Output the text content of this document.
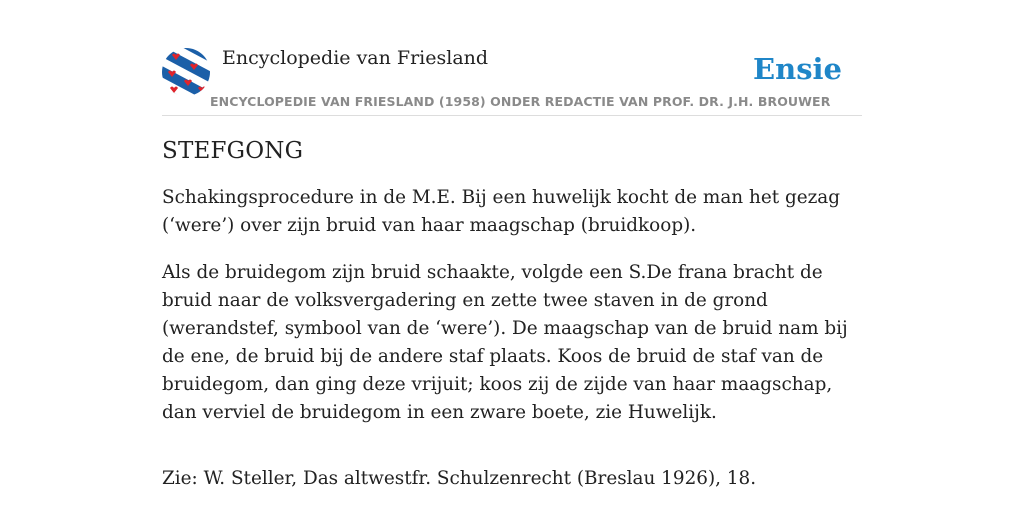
Encyclopedie van Friesland
ENCYCLOPEDIE VAN FRIESLAND (1958) ONDER REDACTIE VAN PROF. DR. J.H. BROUWER
Ensie
STEFGONG

Schakingsprocedure in de M.E. Bij een huwelijk kocht de man het gezag (‘were’) over zijn bruid van haar maagschap (bruidkoop).

Als de bruidegom zijn bruid schaakte, volgde een S.De frana bracht de bruid naar de volksvergadering en zette twee staven in de grond (werandstef, symbool van de ‘were’). De maagschap van de bruid nam bij de ene, de bruid bij de andere staf plaats. Koos de bruid de staf van de bruidegom, dan ging deze vrijuit; koos zij de zijde van haar maagschap, dan verviel de bruidegom in een zware boete, zie Huwelijk.

Zie: W. Steller, Das altwestfr. Schulzenrecht (Breslau 1926), 18.
